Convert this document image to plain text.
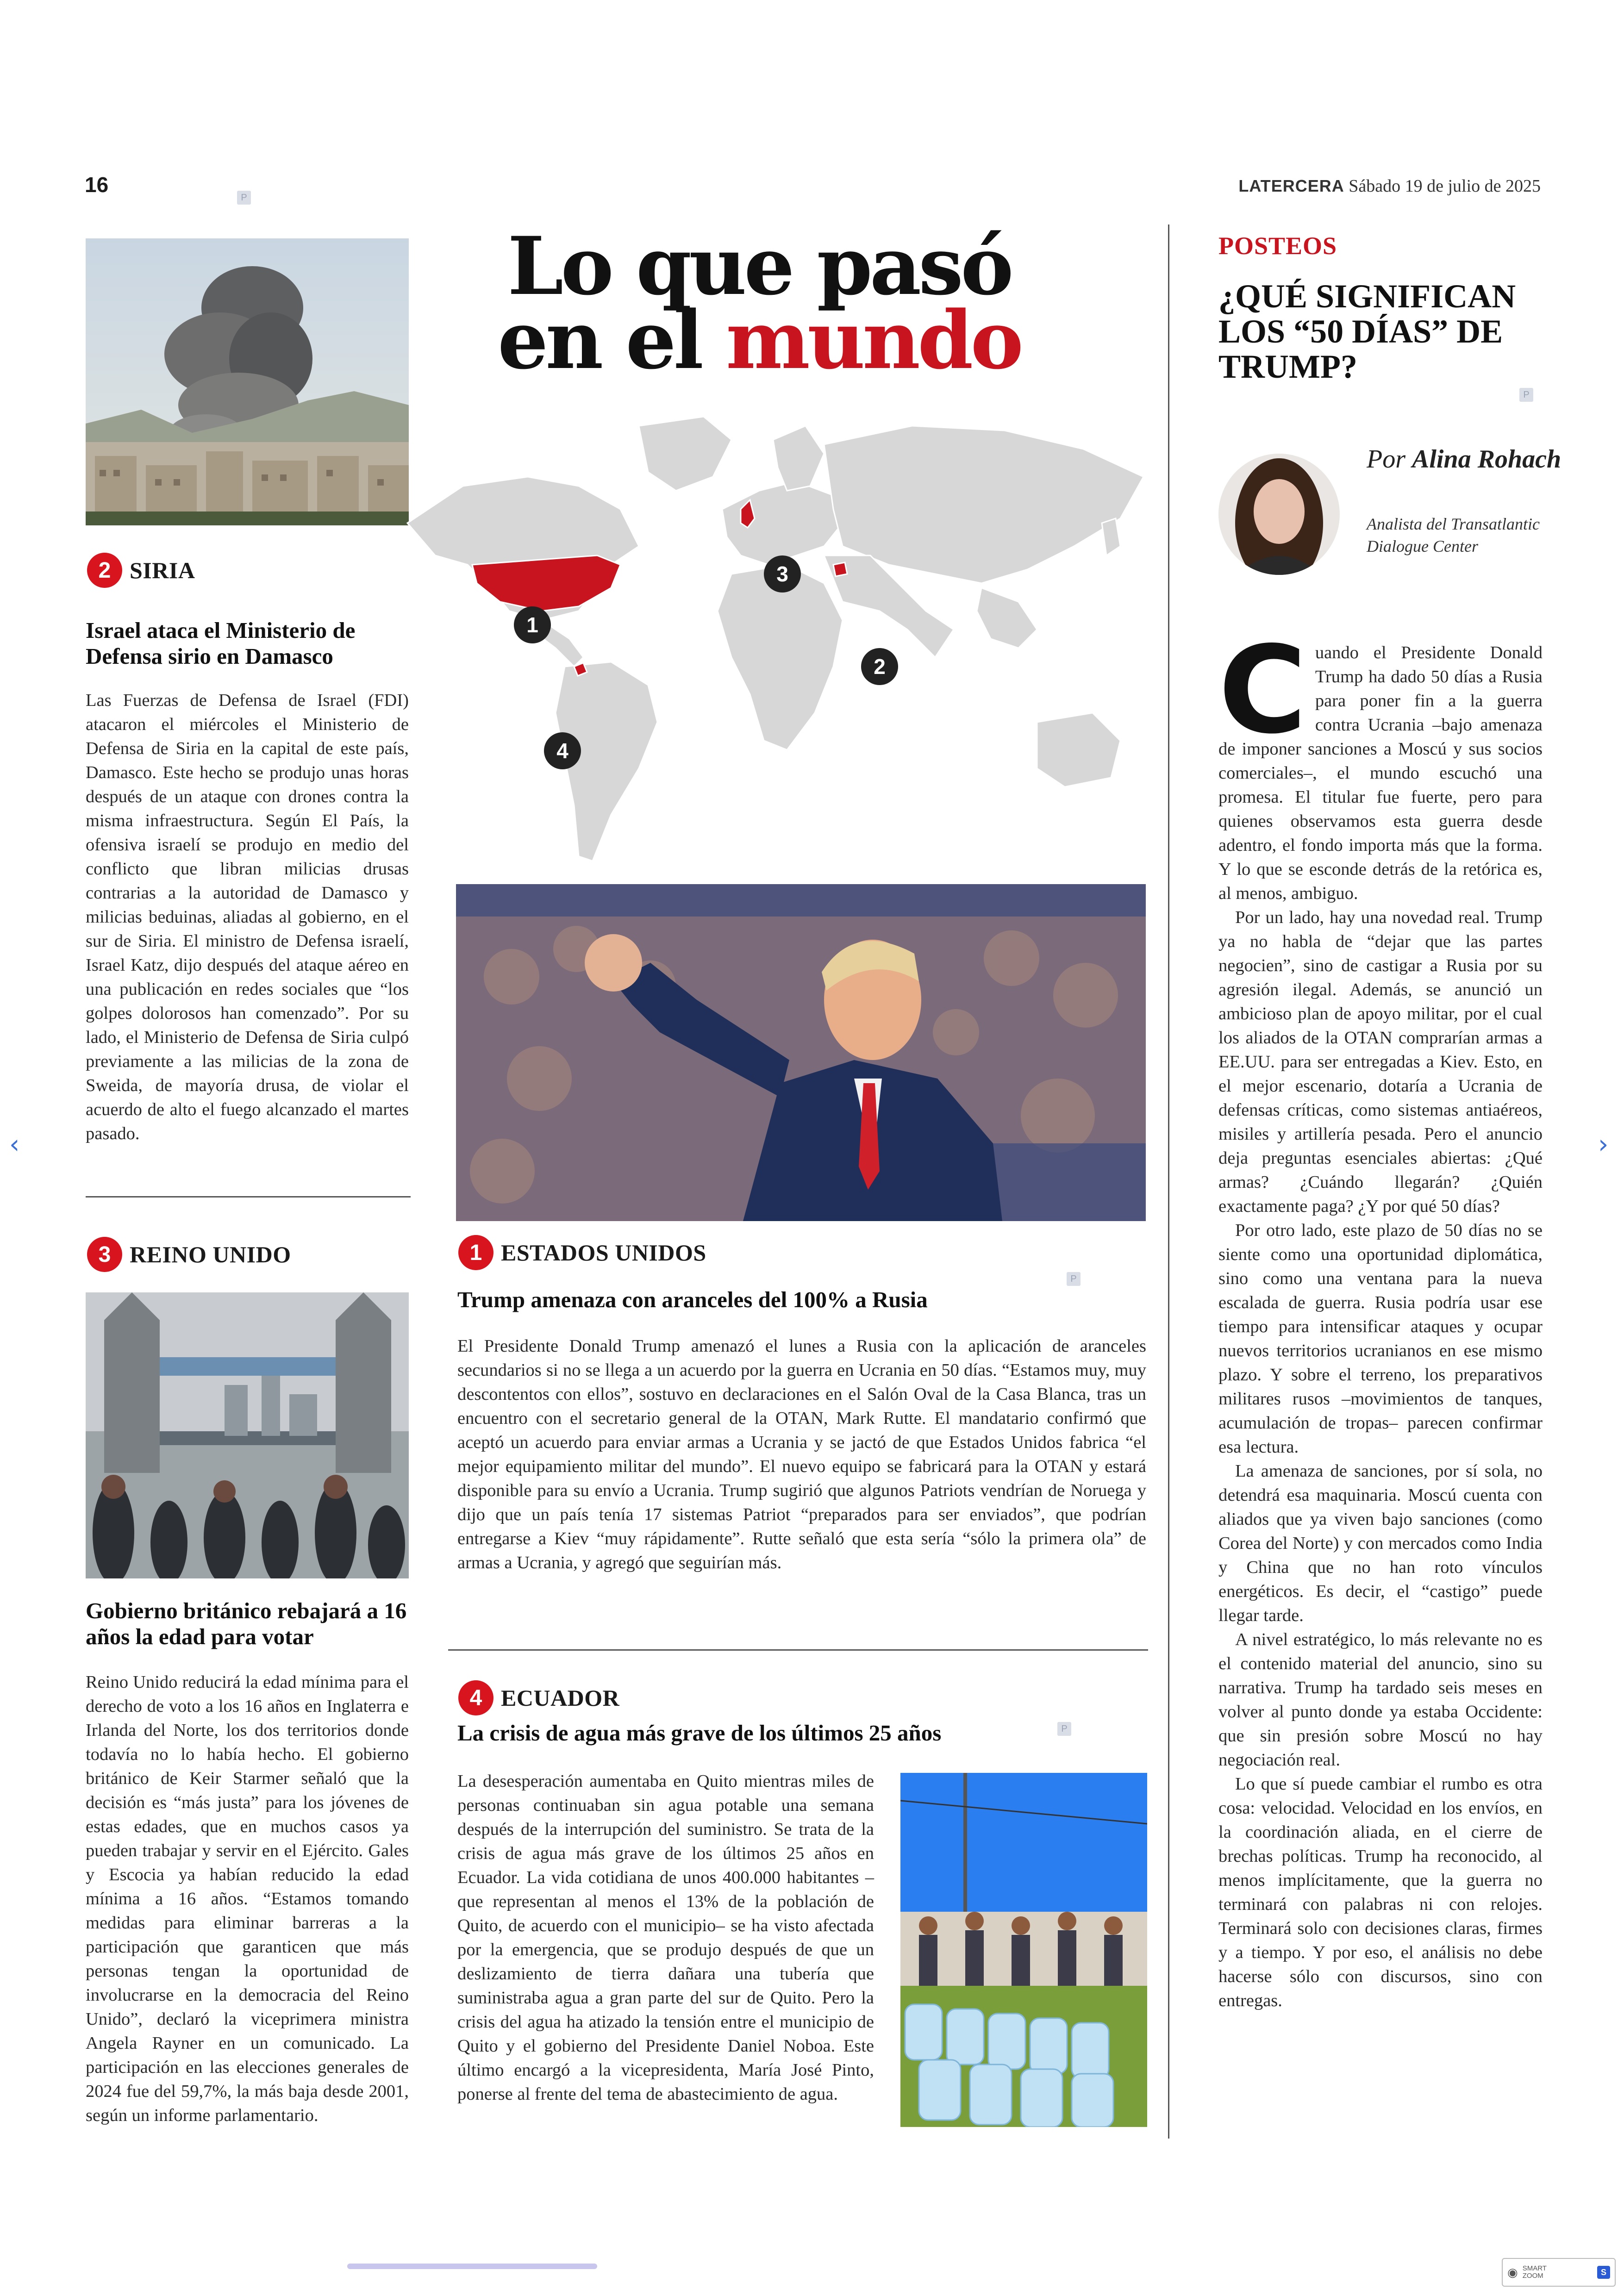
16
P
LATERCERA Sábado 19 de julio de 2025
2 SIRIA
Israel ataca el Ministerio de Defensa sirio en Damasco
Las Fuerzas de Defensa de Israel (FDI) atacaron el miércoles el Ministerio de Defensa de Siria en la capital de este país, Damasco. Este hecho se produjo unas horas después de un ataque con drones contra la misma infraestructura. Según El País, la ofensiva israelí se produjo en medio del conflicto que libran milicias drusas contrarias a la autoridad de Damasco y milicias beduinas, aliadas al gobierno, en el sur de Siria. El ministro de Defensa israelí, Israel Katz, dijo después del ataque aéreo en una publicación en redes sociales que “los golpes dolorosos han comenzado”. Por su lado, el Ministerio de Defensa de Siria culpó previamente a las milicias de la zona de Sweida, de mayoría drusa, de violar el acuerdo de alto el fuego alcanzado el martes pasado.
3 REINO UNIDO
Gobierno británico rebajará a 16 años la edad para votar
Reino Unido reducirá la edad mínima para el derecho de voto a los 16 años en Inglaterra e Irlanda del Norte, los dos territorios donde todavía no lo había hecho. El gobierno británico de Keir Starmer señaló que la decisión es “más justa” para los jóvenes de estas edades, que en muchos casos ya pueden trabajar y servir en el Ejército. Gales y Escocia ya habían reducido la edad mínima a 16 años. “Estamos tomando medidas para eliminar barreras a la participación que garanticen que más personas tengan la oportunidad de involucrarse en la democracia del Reino Unido”, declaró la viceprimera ministra Angela Rayner en un comunicado. La participación en las elecciones generales de 2024 fue del 59,7%, la más baja desde 2001, según un informe parlamentario.
Lo que pasó
en el mundo
1
2
3
4
1 ESTADOS UNIDOS
P
Trump amenaza con aranceles del 100% a Rusia
El Presidente Donald Trump amenazó el lunes a Rusia con la aplicación de aranceles secundarios si no se llega a un acuerdo por la guerra en Ucrania en 50 días. “Estamos muy, muy descontentos con ellos”, sostuvo en declaraciones en el Salón Oval de la Casa Blanca, tras un encuentro con el secretario general de la OTAN, Mark Rutte. El mandatario confirmó que aceptó un acuerdo para enviar armas a Ucrania y se jactó de que Estados Unidos fabrica “el mejor equipamiento militar del mundo”. El nuevo equipo se fabricará para la OTAN y estará disponible para su envío a Ucrania. Trump sugirió que algunos Patriots vendrían de Noruega y dijo que un país tenía 17 sistemas Patriot “preparados para ser enviados”, que podrían entregarse a Kiev “muy rápidamente”. Rutte señaló que esta sería “sólo la primera ola” de armas a Ucrania, y agregó que seguirían más.
4 ECUADOR
P
La crisis de agua más grave de los últimos 25 años
La desesperación aumentaba en Quito mientras miles de personas continuaban sin agua potable una semana después de la interrupción del suministro. Se trata de la crisis de agua más grave de los últimos 25 años en Ecuador. La vida cotidiana de unos 400.000 habitantes –que representan al menos el 13% de la población de Quito, de acuerdo con el municipio– se ha visto afectada por la emergencia, que se produjo después de que un deslizamiento de tierra dañara una tubería que suministraba agua a gran parte del sur de Quito. Pero la crisis del agua ha atizado la tensión entre el municipio de Quito y el gobierno del Presidente Daniel Noboa. Este último encargó a la vicepresidenta, María José Pinto, ponerse al frente del tema de abastecimiento de agua.
POSTEOS
¿QUÉ SIGNIFICAN LOS “50 DÍAS” DE TRUMP?
P
Por Alina Rohach
Analista del Transatlantic Dialogue Center

Cuando el Presidente Donald Trump ha dado 50 días a Rusia para poner fin a la guerra contra Ucrania –bajo amenaza de imponer sanciones a Moscú y sus socios comerciales–, el mundo escuchó una promesa. El titular fue fuerte, pero para quienes observamos esta guerra desde adentro, el fondo importa más que la forma. Y lo que se esconde detrás de la retórica es, al menos, ambiguo.

Por un lado, hay una novedad real. Trump ya no habla de “dejar que las partes negocien”, sino de castigar a Rusia por su agresión ilegal. Además, se anunció un ambicioso plan de apoyo militar, por el cual los aliados de la OTAN comprarían armas a EE.UU. para ser entregadas a Kiev. Esto, en el mejor escenario, dotaría a Ucrania de defensas críticas, como sistemas antiaéreos, misiles y artillería pesada. Pero el anuncio deja preguntas esenciales abiertas: ¿Qué armas? ¿Cuándo llegarán? ¿Quién exactamente paga? ¿Y por qué 50 días?

Por otro lado, este plazo de 50 días no se siente como una oportunidad diplomática, sino como una ventana para la nueva escalada de guerra. Rusia podría usar ese tiempo para intensificar ataques y ocupar nuevos territorios ucranianos en ese mismo plazo. Y sobre el terreno, los preparativos militares rusos –movimientos de tanques, acumulación de tropas– parecen confirmar esa lectura.

La amenaza de sanciones, por sí sola, no detendrá esa maquinaria. Moscú cuenta con aliados que ya viven bajo sanciones (como Corea del Norte) y con mercados como India y China que no han roto vínculos energéticos. Es decir, el “castigo” puede llegar tarde.

A nivel estratégico, lo más relevante no es el contenido material del anuncio, sino su narrativa. Trump ha tardado seis meses en volver al punto donde ya estaba Occidente: que sin presión sobre Moscú no hay negociación real.

Lo que sí puede cambiar el rumbo es otra cosa: velocidad. Velocidad en los envíos, en la coordinación aliada, en el cierre de brechas políticas. Trump ha reconocido, al menos implícitamente, que la guerra no terminará con palabras ni con relojes. Terminará solo con decisiones claras, firmes y a tiempo. Y por eso, el análisis no debe hacerse sólo con discursos, sino con entregas.

‹	›
◉ SMART
ZOOM	S
